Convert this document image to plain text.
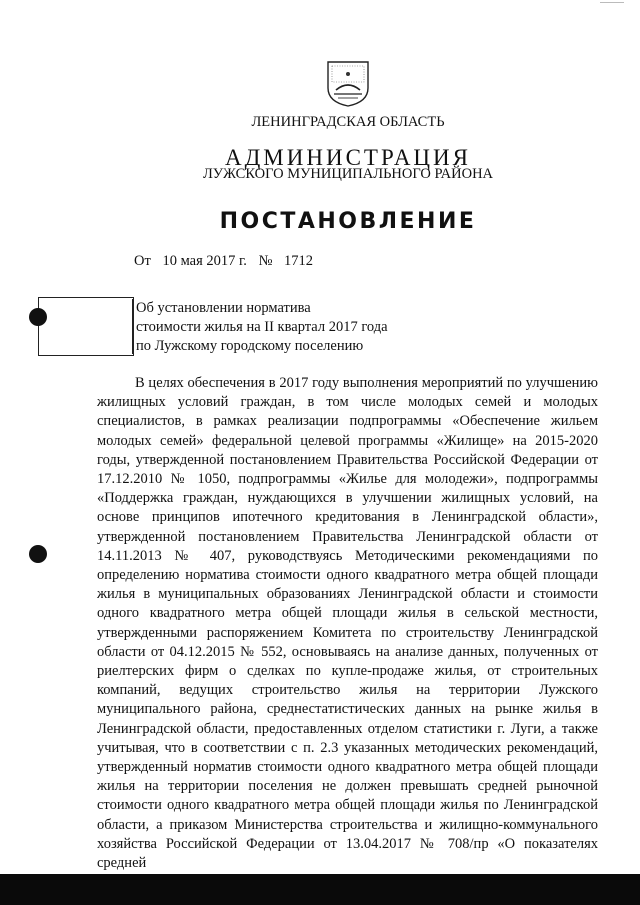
ЛЕНИНГРАДСКАЯ ОБЛАСТЬ
АДМИНИСТРАЦИЯ
ЛУЖСКОГО МУНИЦИПАЛЬНОГО РАЙОНА
ПОСТАНОВЛЕНИЕ
От 10 мая 2017 г. № 1712
Об установлении норматива
стоимости жилья на II квартал 2017 года
по Лужскому городскому поселению

В целях обеспечения в 2017 году выполнения мероприятий по улучшению жилищных условий граждан, в том числе молодых семей и молодых специалистов, в рамках реализации подпрограммы «Обеспечение жильем молодых семей» федеральной целевой программы «Жилище» на 2015-2020 годы, утвержденной постановлением Правительства Российской Федерации от 17.12.2010 № 1050, подпрограммы «Жилье для молодежи», подпрограммы «Поддержка граждан, нуждающихся в улучшении жилищных условий, на основе принципов ипотечного кредитования в Ленинградской области», утвержденной постановлением Правительства Ленинградской области от 14.11.2013 № 407, руководствуясь Методическими рекомендациями по определению норматива стоимости одного квадратного метра общей площади жилья в муниципальных образованиях Ленинградской области и стоимости одного квадратного метра общей площади жилья в сельской местности, утвержденными распоряжением Комитета по строительству Ленинградской области от 04.12.2015 № 552, основываясь на анализе данных, полученных от риелтерских фирм о сделках по купле-продаже жилья, от строительных компаний, ведущих строительство жилья на территории Лужского муниципального района, среднестатистических данных на рынке жилья в Ленинградской области, предоставленных отделом статистики г. Луги, а также учитывая, что в соответствии с п. 2.3 указанных методических рекомендаций, утвержденный норматив стоимости одного квадратного метра общей площади жилья на территории поселения не должен превышать средней рыночной стоимости одного квадратного метра общей площади жилья по Ленинградской области, а приказом Министерства строительства и жилищно-коммунального хозяйства Российской Федерации от 13.04.2017 № 708/пр «О показателях средней
